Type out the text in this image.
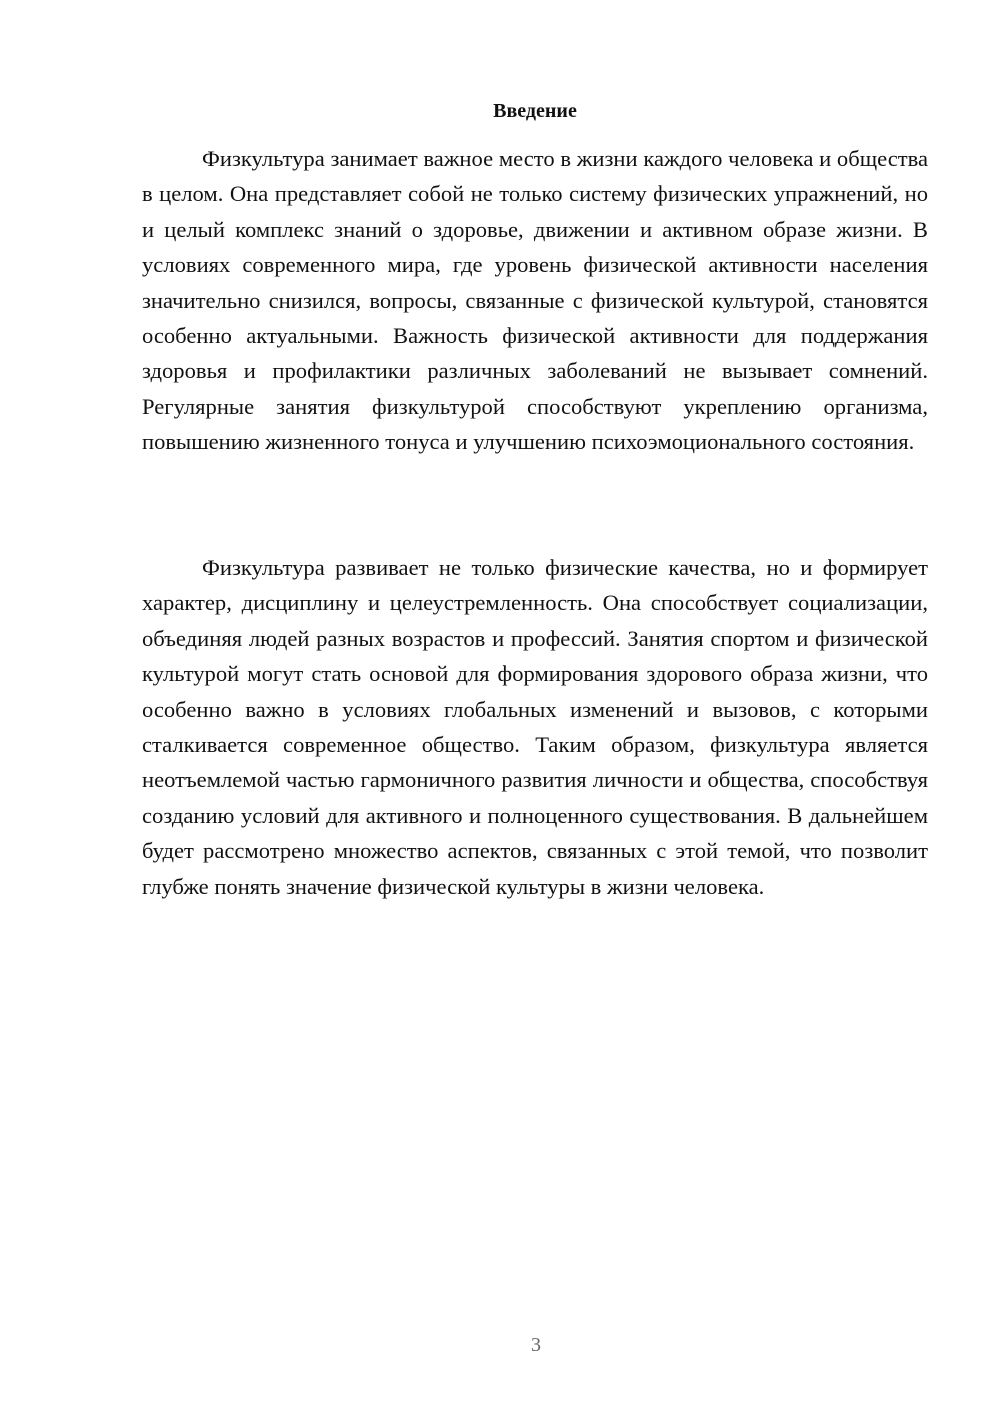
Введение

Физкультура занимает важное место в жизни каждого человека и общества в целом. Она представляет собой не только систему физических упражнений, но и целый комплекс знаний о здоровье, движении и активном образе жизни. В условиях современного мира, где уровень физической активности населения значительно снизился, вопросы, связанные с физической культурой, становятся особенно актуальными. Важность физической активности для поддержания здоровья и профилактики различных заболеваний не вызывает сомнений. Регулярные занятия физкультурой способствуют укреплению организма, повышению жизненного тонуса и улучшению психоэмоционального состояния.

Физкультура развивает не только физические качества, но и формирует характер, дисциплину и целеустремленность. Она способствует социализации, объединяя людей разных возрастов и профессий. Занятия спортом и физической культурой могут стать основой для формирования здорового образа жизни, что особенно важно в условиях глобальных изменений и вызовов, с которыми сталкивается современное общество. Таким образом, физкультура является неотъемлемой частью гармоничного развития личности и общества, способствуя созданию условий для активного и полноценного существования. В дальнейшем будет рассмотрено множество аспектов, связанных с этой темой, что позволит глубже понять значение физической культуры в жизни человека.

3
